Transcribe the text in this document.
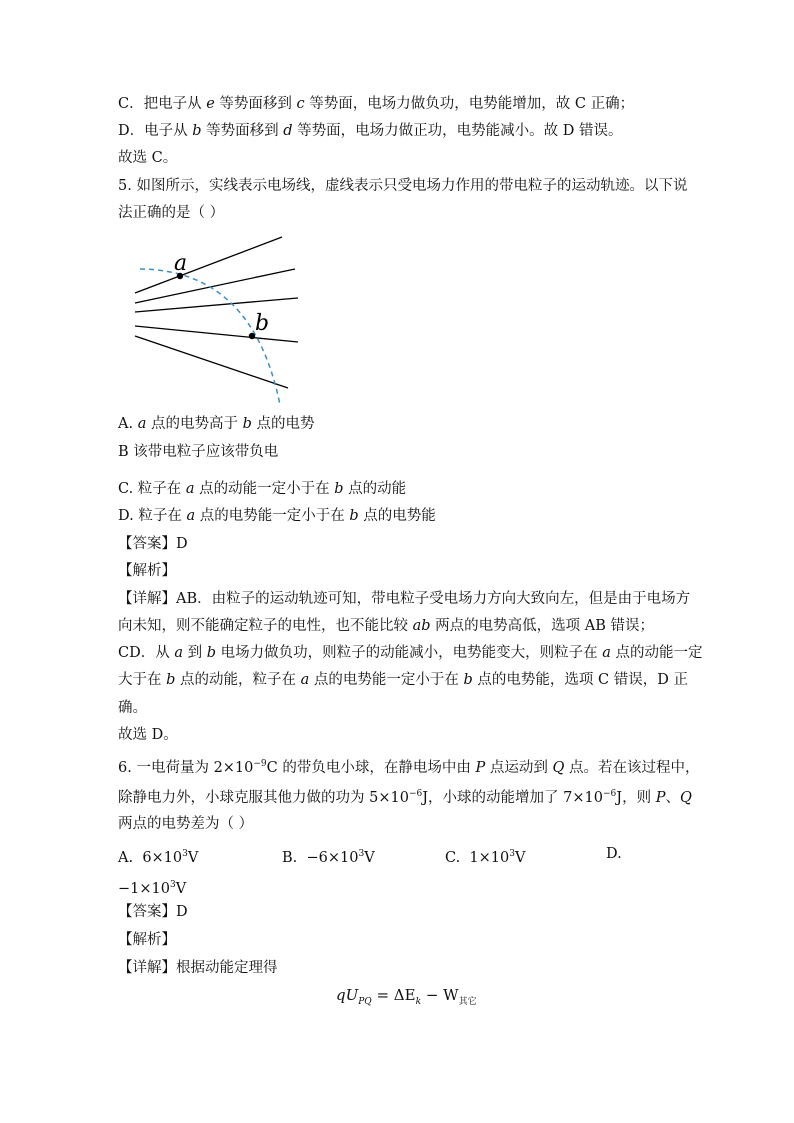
C．把电子从 e 等势面移到 c 等势面，电场力做负功，电势能增加，故 C 正确；
D．电子从 b 等势面移到 d 等势面，电场力做正功，电势能减小。故 D 错误。
故选 C。
5. 如图所示，实线表示电场线，虚线表示只受电场力作用的带电粒子的运动轨迹。以下说
法正确的是（ ）
a
b
A. a 点的电势高于 b 点的电势
B 该带电粒子应该带负电
C. 粒子在 a 点的动能一定小于在 b 点的动能
D. 粒子在 a 点的电势能一定小于在 b 点的电势能
【答案】D
【解析】
【详解】AB．由粒子的运动轨迹可知，带电粒子受电场力方向大致向左，但是由于电场方
向未知，则不能确定粒子的电性，也不能比较 ab 两点的电势高低，选项 AB 错误；
CD．从 a 到 b 电场力做负功，则粒子的动能减小，电势能变大，则粒子在 a 点的动能一定
大于在 b 点的动能，粒子在 a 点的电势能一定小于在 b 点的电势能，选项 C 错误，D 正
确。
故选 D。
6. 一电荷量为 $2\times 10^{-9}C$ 的带负电小球，在静电场中由 P 点运动到 Q 点。若在该过程中，
除静电力外，小球克服其他力做的功为 $5\times 10^{-6}J$，小球的动能增加了 $7\times 10^{-6}J$，则 P、Q
两点的电势差为（ ）
A. $6\times 10^3V$	B. $-6\times 10^3V$	C. $1\times 10^3V$	D.
$-1\times 10^3V$
【答案】D
【解析】
【详解】根据动能定理得
$qU_{PQ} = \Delta E_k - W_{其它}$
